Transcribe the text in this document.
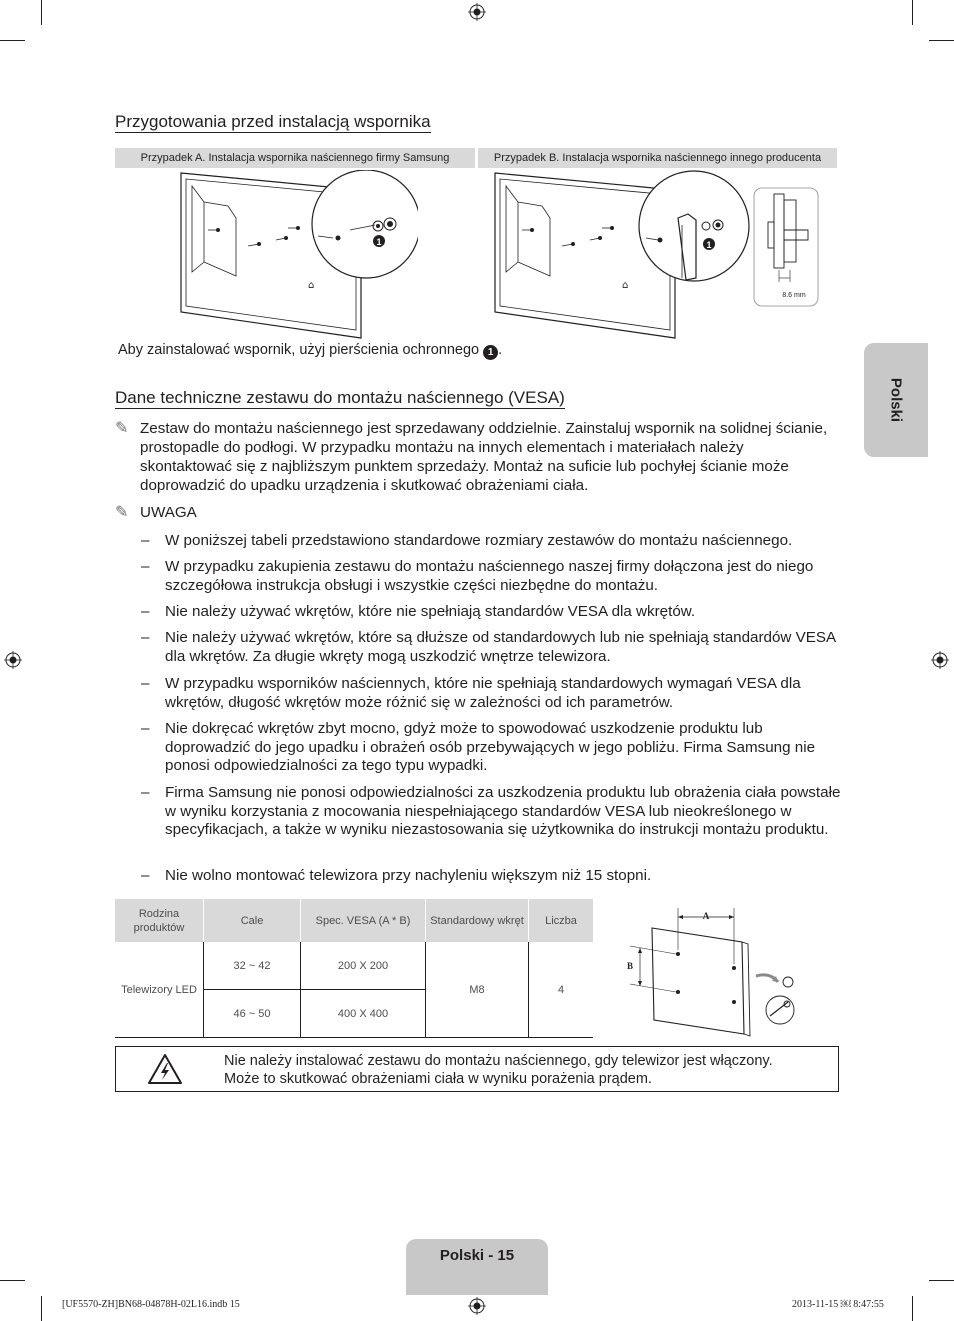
Przygotowania przed instalacją wspornika
Przypadek A. Instalacja wspornika naściennego firmy Samsung	Przypadek B. Instalacja wspornika naściennego innego producenta
⌂
1
⌂
1
8.6 mm
Aby zainstalować wspornik, użyj pierścienia ochronnego 1 .
Dane techniczne zestawu do montażu naściennego (VESA)
✎ Zestaw do montażu naściennego jest sprzedawany oddzielnie. Zainstaluj wspornik na solidnej ścianie, prostopadle do podłogi. W przypadku montażu na innych elementach i materiałach należy skontaktować się z najbliższym punktem sprzedaży. Montaż na suficie lub pochyłej ścianie może doprowadzić do upadku urządzenia i skutkować obrażeniami ciała.
✎ UWAGA
– W poniższej tabeli przedstawiono standardowe rozmiary zestawów do montażu naściennego.
– W przypadku zakupienia zestawu do montażu naściennego naszej firmy dołączona jest do niego szczegółowa instrukcja obsługi i wszystkie części niezbędne do montażu.
– Nie należy używać wkrętów, które nie spełniają standardów VESA dla wkrętów.
– Nie należy używać wkrętów, które są dłuższe od standardowych lub nie spełniają standardów VESA dla wkrętów. Za długie wkręty mogą uszkodzić wnętrze telewizora.
– W przypadku wsporników naściennych, które nie spełniają standardowych wymagań VESA dla wkrętów, długość wkrętów może różnić się w zależności od ich parametrów.
– Nie dokręcać wkrętów zbyt mocno, gdyż może to spowodować uszkodzenie produktu lub doprowadzić do jego upadku i obrażeń osób przebywających w jego pobliżu. Firma Samsung nie ponosi odpowiedzialności za tego typu wypadki.
– Firma Samsung nie ponosi odpowiedzialności za uszkodzenia produktu lub obrażenia ciała powstałe w wyniku korzystania z mocowania niespełniającego standardów VESA lub nieokreślonego w specyfikacjach, a także w wyniku niezastosowania się użytkownika do instrukcji montażu produktu.
– Nie wolno montować telewizora przy nachyleniu większym niż 15 stopni.
Rodzina produktów	Cale	Spec. VESA (A * B)	Standardowy wkręt	Liczba
Telewizory LED	32 ~ 42	200 X 200	M8	4
	46 ~ 50	400 X 400		
A
B
Nie należy instalować zestawu do montażu naściennego, gdy telewizor jest włączony.
Może to skutkować obrażeniami ciała w wyniku porażenia prądem.
Polski
Polski - 15
[UF5570-ZH]BN68-04878H-02L16.indb 15	2013-11-15 ￼ 8:47:55
